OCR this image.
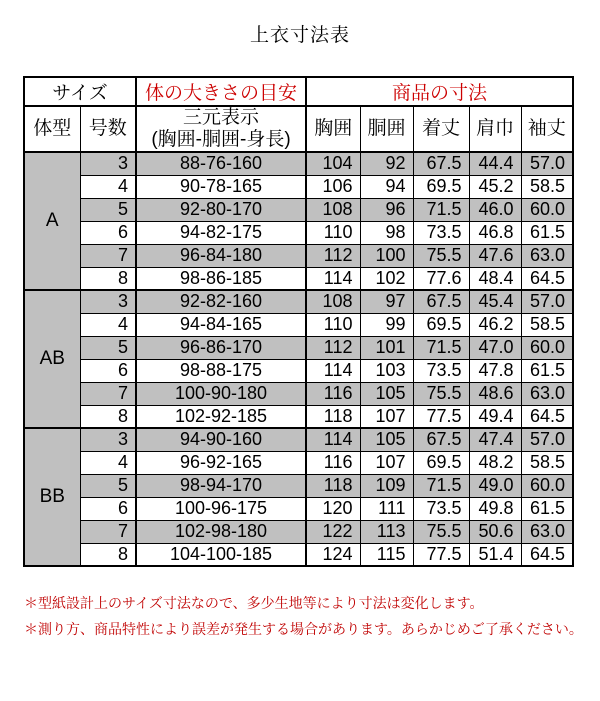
上衣寸法表
サイズ		体の大きさの目安	商品の寸法				
体型	号数	三元表示
(胸囲-胴囲-身長)	胸囲	胴囲	着丈	肩巾	袖丈
A	3	88-76-160	104	92	67.5	44.4	57.0
	4	90-78-165	106	94	69.5	45.2	58.5
	5	92-80-170	108	96	71.5	46.0	60.0
	6	94-82-175	110	98	73.5	46.8	61.5
	7	96-84-180	112	100	75.5	47.6	63.0
	8	98-86-185	114	102	77.6	48.4	64.5
AB	3	92-82-160	108	97	67.5	45.4	57.0
	4	94-84-165	110	99	69.5	46.2	58.5
	5	96-86-170	112	101	71.5	47.0	60.0
	6	98-88-175	114	103	73.5	47.8	61.5
	7	100-90-180	116	105	75.5	48.6	63.0
	8	102-92-185	118	107	77.5	49.4	64.5
BB	3	94-90-160	114	105	67.5	47.4	57.0
	4	96-92-165	116	107	69.5	48.2	58.5
	5	98-94-170	118	109	71.5	49.0	60.0
	6	100-96-175	120	111	73.5	49.8	61.5
	7	102-98-180	122	113	75.5	50.6	63.0
	8	104-100-185	124	115	77.5	51.4	64.5
＊型紙設計上のサイズ寸法なので、多少生地等により寸法は変化します。
＊測り方、商品特性により誤差が発生する場合があります。あらかじめご了承ください。
